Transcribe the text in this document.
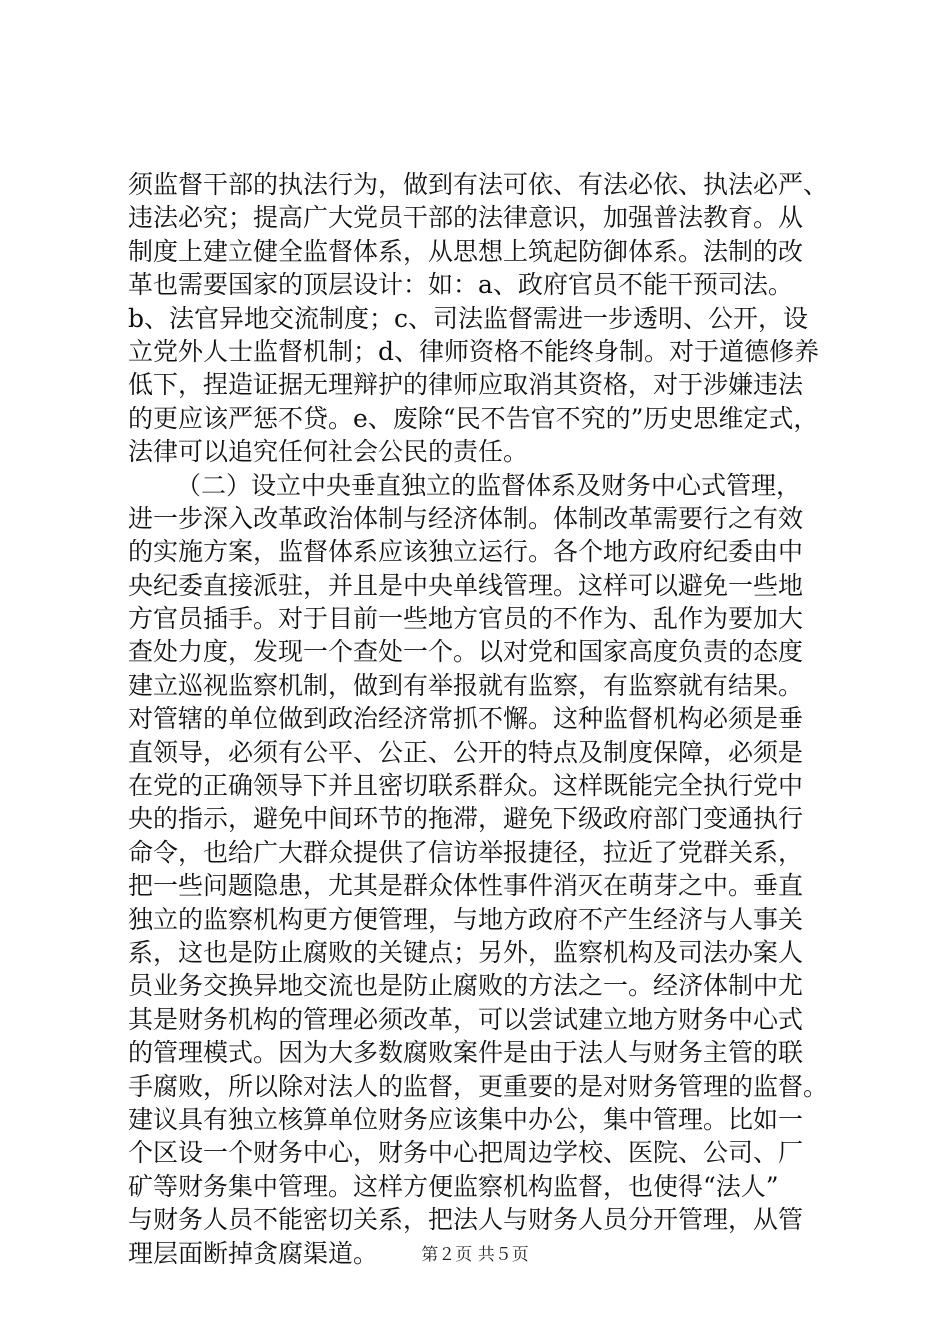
须监督干部的执法行为，做到有法可依、有法必依、执法必严、
违法必究；提高广大党员干部的法律意识，加强普法教育。从
制度上建立健全监督体系，从思想上筑起防御体系。法制的改
革也需要国家的顶层设计：如：a、政府官员不能干预司法。
b、法官异地交流制度；c、司法监督需进一步透明、公开，设
立党外人士监督机制；d、律师资格不能终身制。对于道德修养
低下，捏造证据无理辩护的律师应取消其资格，对于涉嫌违法
的更应该严惩不贷。e、废除“民不告官不究的”历史思维定式，
法律可以追究任何社会公民的责任。
（二）设立中央垂直独立的监督体系及财务中心式管理，
进一步深入改革政治体制与经济体制。体制改革需要行之有效
的实施方案，监督体系应该独立运行。各个地方政府纪委由中
央纪委直接派驻，并且是中央单线管理。这样可以避免一些地
方官员插手。对于目前一些地方官员的不作为、乱作为要加大
查处力度，发现一个查处一个。以对党和国家高度负责的态度
建立巡视监察机制，做到有举报就有监察，有监察就有结果。
对管辖的单位做到政治经济常抓不懈。这种监督机构必须是垂
直领导，必须有公平、公正、公开的特点及制度保障，必须是
在党的正确领导下并且密切联系群众。这样既能完全执行党中
央的指示，避免中间环节的拖滞，避免下级政府部门变通执行
命令，也给广大群众提供了信访举报捷径，拉近了党群关系，
把一些问题隐患，尤其是群众体性事件消灭在萌芽之中。垂直
独立的监察机构更方便管理，与地方政府不产生经济与人事关
系，这也是防止腐败的关键点；另外，监察机构及司法办案人
员业务交换异地交流也是防止腐败的方法之一。经济体制中尤
其是财务机构的管理必须改革，可以尝试建立地方财务中心式
的管理模式。因为大多数腐败案件是由于法人与财务主管的联
手腐败，所以除对法人的监督，更重要的是对财务管理的监督。
建议具有独立核算单位财务应该集中办公，集中管理。比如一
个区设一个财务中心，财务中心把周边学校、医院、公司、厂
矿等财务集中管理。这样方便监察机构监督，也使得“法人”
与财务人员不能密切关系，把法人与财务人员分开管理，从管
理层面断掉贪腐渠道。	第２页 共５页
